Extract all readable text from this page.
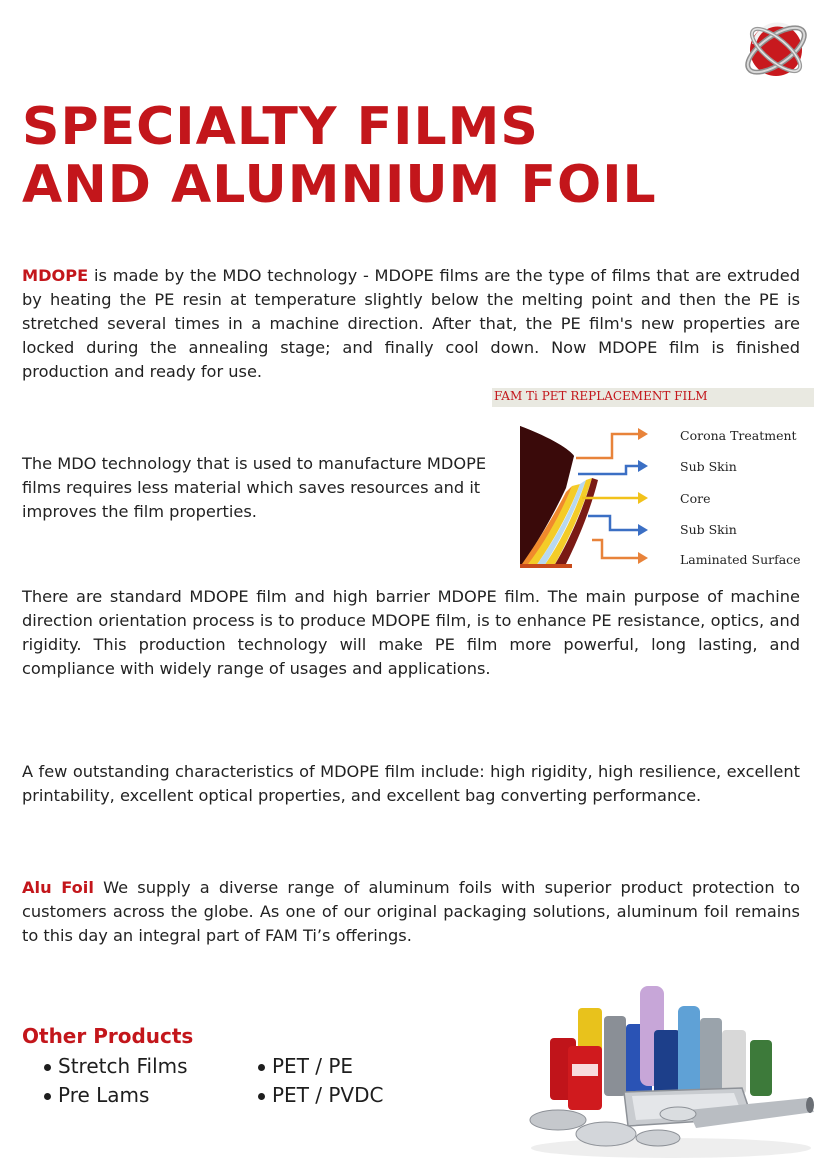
SPECIALTY FILMS
AND ALUMNIUM FOIL

MDOPE is made by the MDO technology - MDOPE films are the type of films that are extruded by heating the PE resin at temperature slightly below the melting point and then the PE is stretched several times in a machine direction. After that, the PE film's new properties are locked during the annealing stage; and finally cool down. Now MDOPE film is finished production and ready for use.

The MDO technology that is used to manufacture MDOPE films requires less material which saves resources and it improves the film properties.

FAM Ti PET REPLACEMENT FILM
Corona Treatment
Sub Skin
Core
Sub Skin
Laminated Surface

There are standard MDOPE film and high barrier MDOPE film. The main purpose of machine direction orientation process is to produce MDOPE film, is to enhance PE resistance, optics, and rigidity. This production technology will make PE film more powerful, long lasting, and compliance with widely range of usages and applications.

A few outstanding characteristics of MDOPE film include: high rigidity, high resilience, excellent printability, excellent optical properties, and excellent bag converting performance.

Alu Foil We supply a diverse range of aluminum foils with superior product protection to customers across the globe. As one of our original packaging solutions, aluminum foil remains to this day an integral part of FAM Ti’s offerings.

Other Products
Stretch Films
Pre Lams
PET / PE
PET / PVDC
